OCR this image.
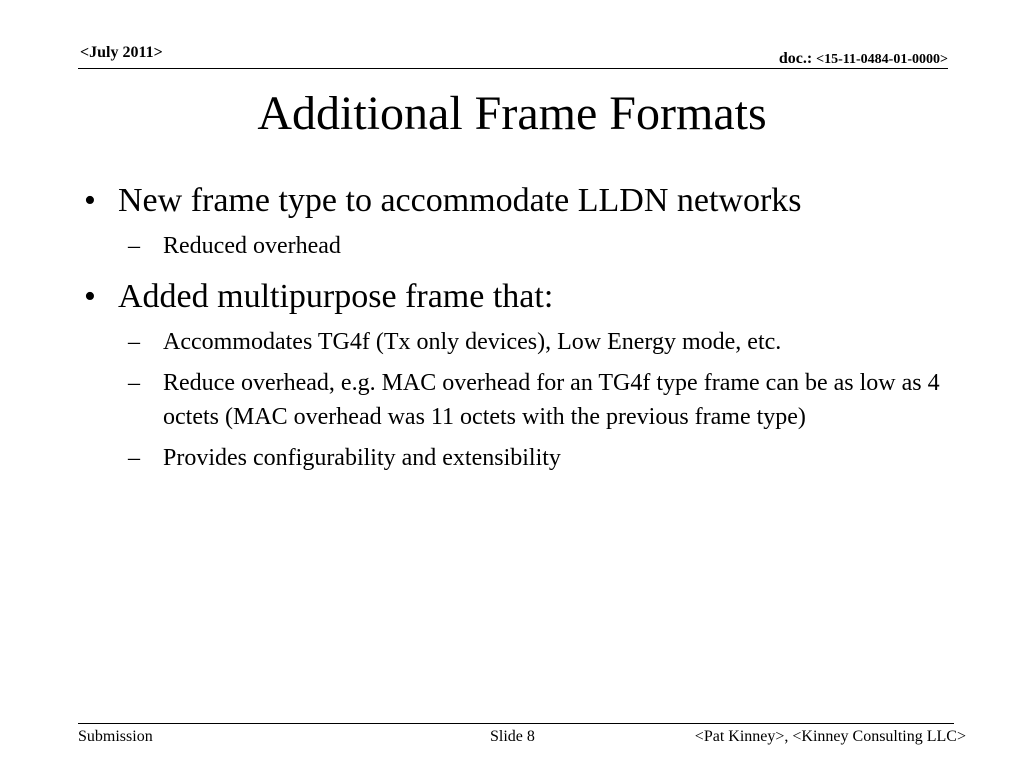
<July 2011>	doc.: <15-11-0484-01-0000>
Additional Frame Formats
• New frame type to accommodate LLDN networks
– Reduced overhead
• Added multipurpose frame that:
– Accommodates TG4f (Tx only devices), Low Energy mode, etc.
– Reduce overhead, e.g. MAC overhead for an TG4f type frame can be as low as 4 octets (MAC overhead was 11 octets with the previous frame type)
– Provides configurability and extensibility
Submission	Slide 8	<Pat Kinney>, <Kinney Consulting LLC>
